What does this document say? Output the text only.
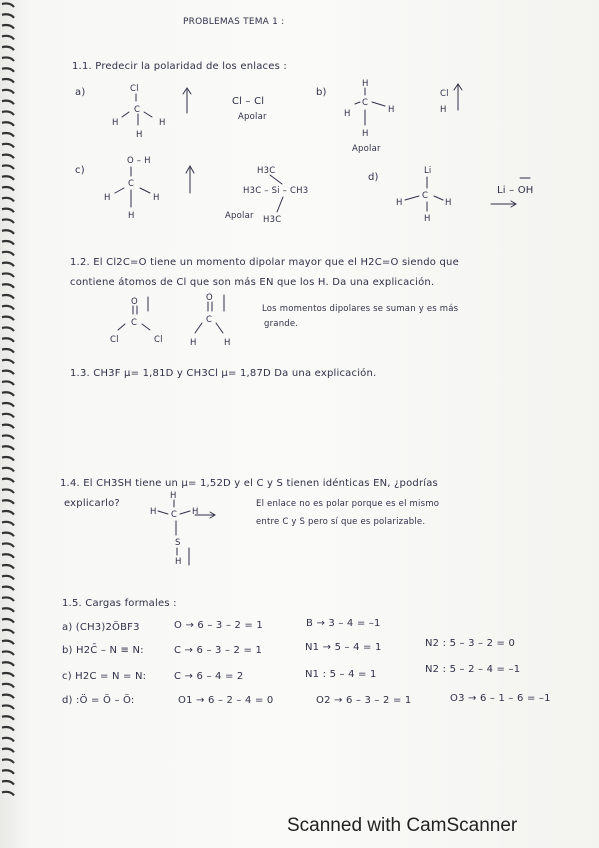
PROBLEMAS TEMA 1 :
1.1. Predecir la polaridad de los enlaces :
a)	Cl
C
H	H
H
Cl – Cl
Apolar
b)
H
C
H	H
H
Apolar
Cl
H
c)
O – H
C
H	H
H
H3C
H3C – Si – CH3
H3C
Apolar
d)
Li
C
H	H
H
Li – OH
1.2. El Cl2C=O tiene un momento dipolar mayor que el H2C=O siendo que
contiene átomos de Cl que son más EN que los H. Da una explicación.
O
C
Cl	Cl
O
C
H	H
Los momentos dipolares se suman y es más
grande.
1.3. CH3F μ= 1,81D y CH3Cl μ= 1,87D Da una explicación.
1.4. El CH3SH tiene un μ= 1,52D y el C y S tienen idénticas EN, ¿podrías
explicarlo?	El enlace no es polar porque es el mismo
entre C y S pero sí que es polarizable.
H
C
H	H
S
H
1.5. Cargas formales :
a) (CH3)2ÖBF3	O → 6 – 3 – 2 = 1	B → 3 – 4 = –1
b) H2C̄ – N ≡ N:	C → 6 – 3 – 2 = 1	N1 → 5 – 4 = 1	N2 : 5 – 3 – 2 = 0
c) H2C = N = N:	C → 6 – 4 = 2	N1 : 5 – 4 = 1	N2 : 5 – 2 – 4 = –1
d) :Ö = Ö – Ö:	O1 → 6 – 2 – 4 = 0	O2 → 6 – 3 – 2 = 1	O3 → 6 – 1 – 6 = –1
Scanned with CamScanner
